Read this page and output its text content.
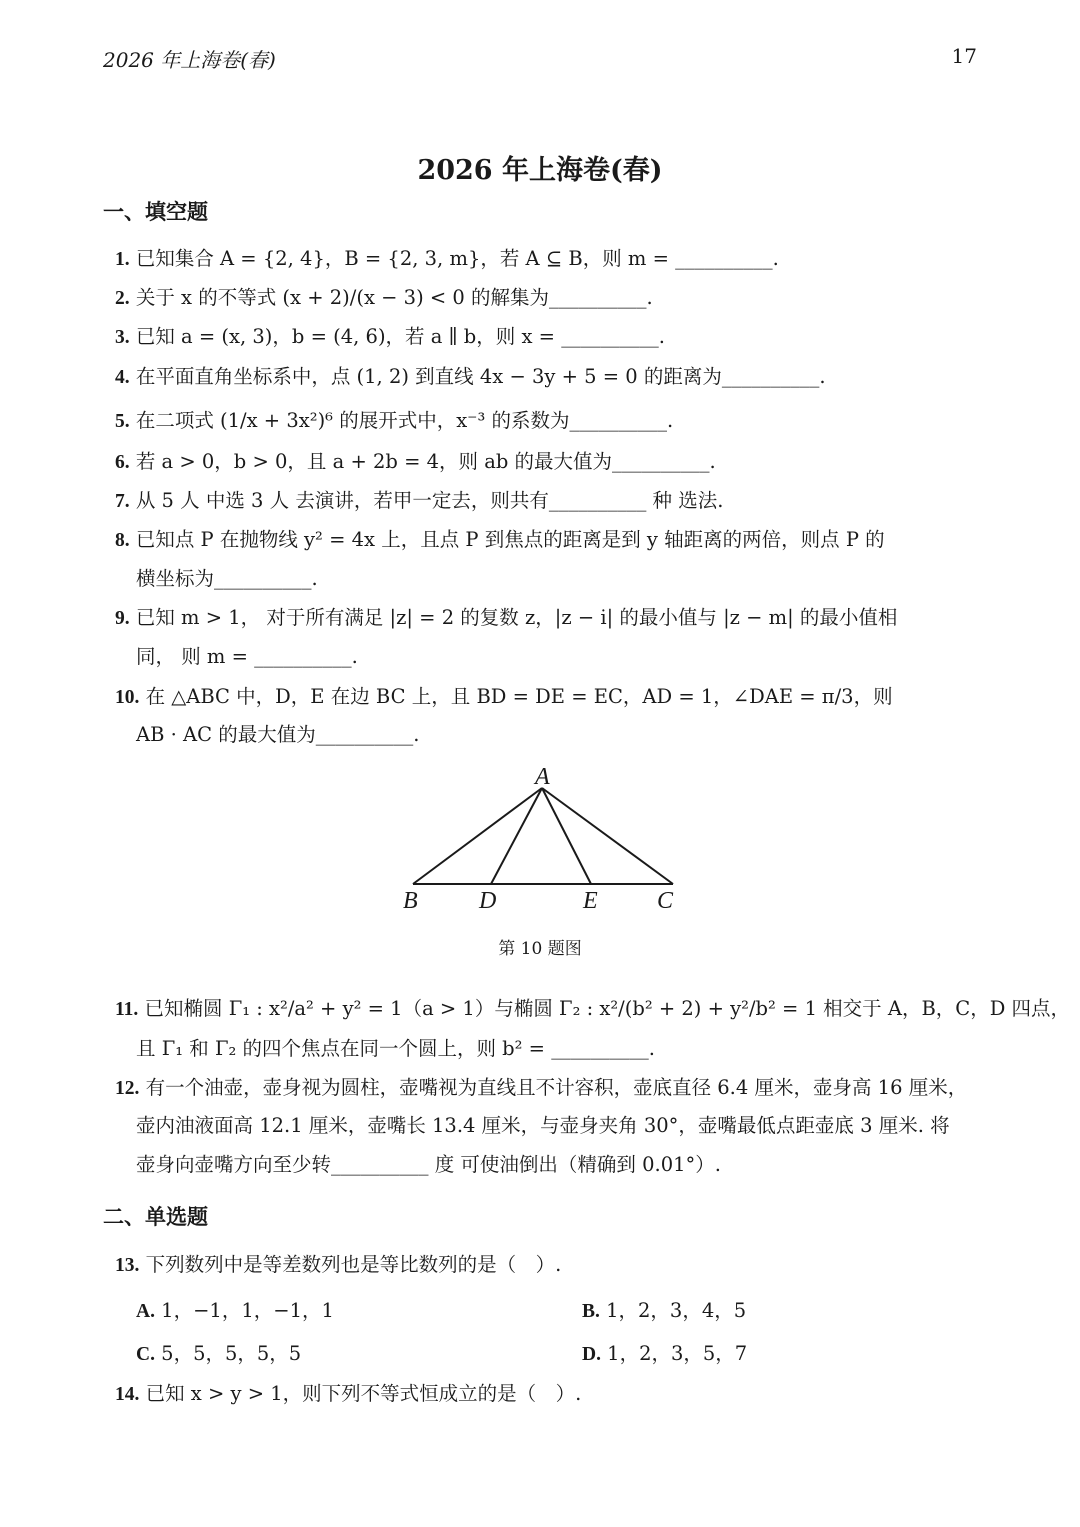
2026 年上海卷(春)	17
2026 年上海卷(春)
一、填空题
1. 已知集合 A = {2, 4}，B = {2, 3, m}，若 A ⊆ B，则 m = __________.
2. 关于 x 的不等式 (x + 2)/(x − 3) < 0 的解集为__________.
3. 已知 a = (x, 3)，b = (4, 6)，若 a ∥ b，则 x = __________.
4. 在平面直角坐标系中，点 (1, 2) 到直线 4x − 3y + 5 = 0 的距离为__________.
5. 在二项式 (1/x + 3x²)⁶ 的展开式中，x⁻³ 的系数为__________.
6. 若 a > 0，b > 0，且 a + 2b = 4，则 ab 的最大值为__________.
7. 从 5 人 中选 3 人 去演讲，若甲一定去，则共有__________ 种 选法.
8. 已知点 P 在抛物线 y² = 4x 上，且点 P 到焦点的距离是到 y 轴距离的两倍，则点 P 的
横坐标为__________.
9. 已知 m > 1， 对于所有满足 |z| = 2 的复数 z，|z − i| 的最小值与 |z − m| 的最小值相
同， 则 m = __________.
10. 在 △ABC 中，D，E 在边 BC 上，且 BD = DE = EC，AD = 1，∠DAE = π/3，则
AB · AC 的最大值为__________.
A
B	D	E C
第 10 题图
11. 已知椭圆 Γ₁ : x²/a² + y² = 1（a > 1）与椭圆 Γ₂ : x²/(b² + 2) + y²/b² = 1 相交于 A，B，C，D 四点，
且 Γ₁ 和 Γ₂ 的四个焦点在同一个圆上，则 b² = __________.
12. 有一个油壶，壶身视为圆柱，壶嘴视为直线且不计容积，壶底直径 6.4 厘米，壶身高 16 厘米，
壶内油液面高 12.1 厘米，壶嘴长 13.4 厘米，与壶身夹角 30°，壶嘴最低点距壶底 3 厘米. 将
壶身向壶嘴方向至少转__________ 度 可使油倒出（精确到 0.01°）.
二、单选题
13. 下列数列中是等差数列也是等比数列的是（　）.
A. 1，−1，1，−1，1	B. 1，2，3，4，5
C. 5，5，5，5，5	D. 1，2，3，5，7
14. 已知 x > y > 1，则下列不等式恒成立的是（　）.
